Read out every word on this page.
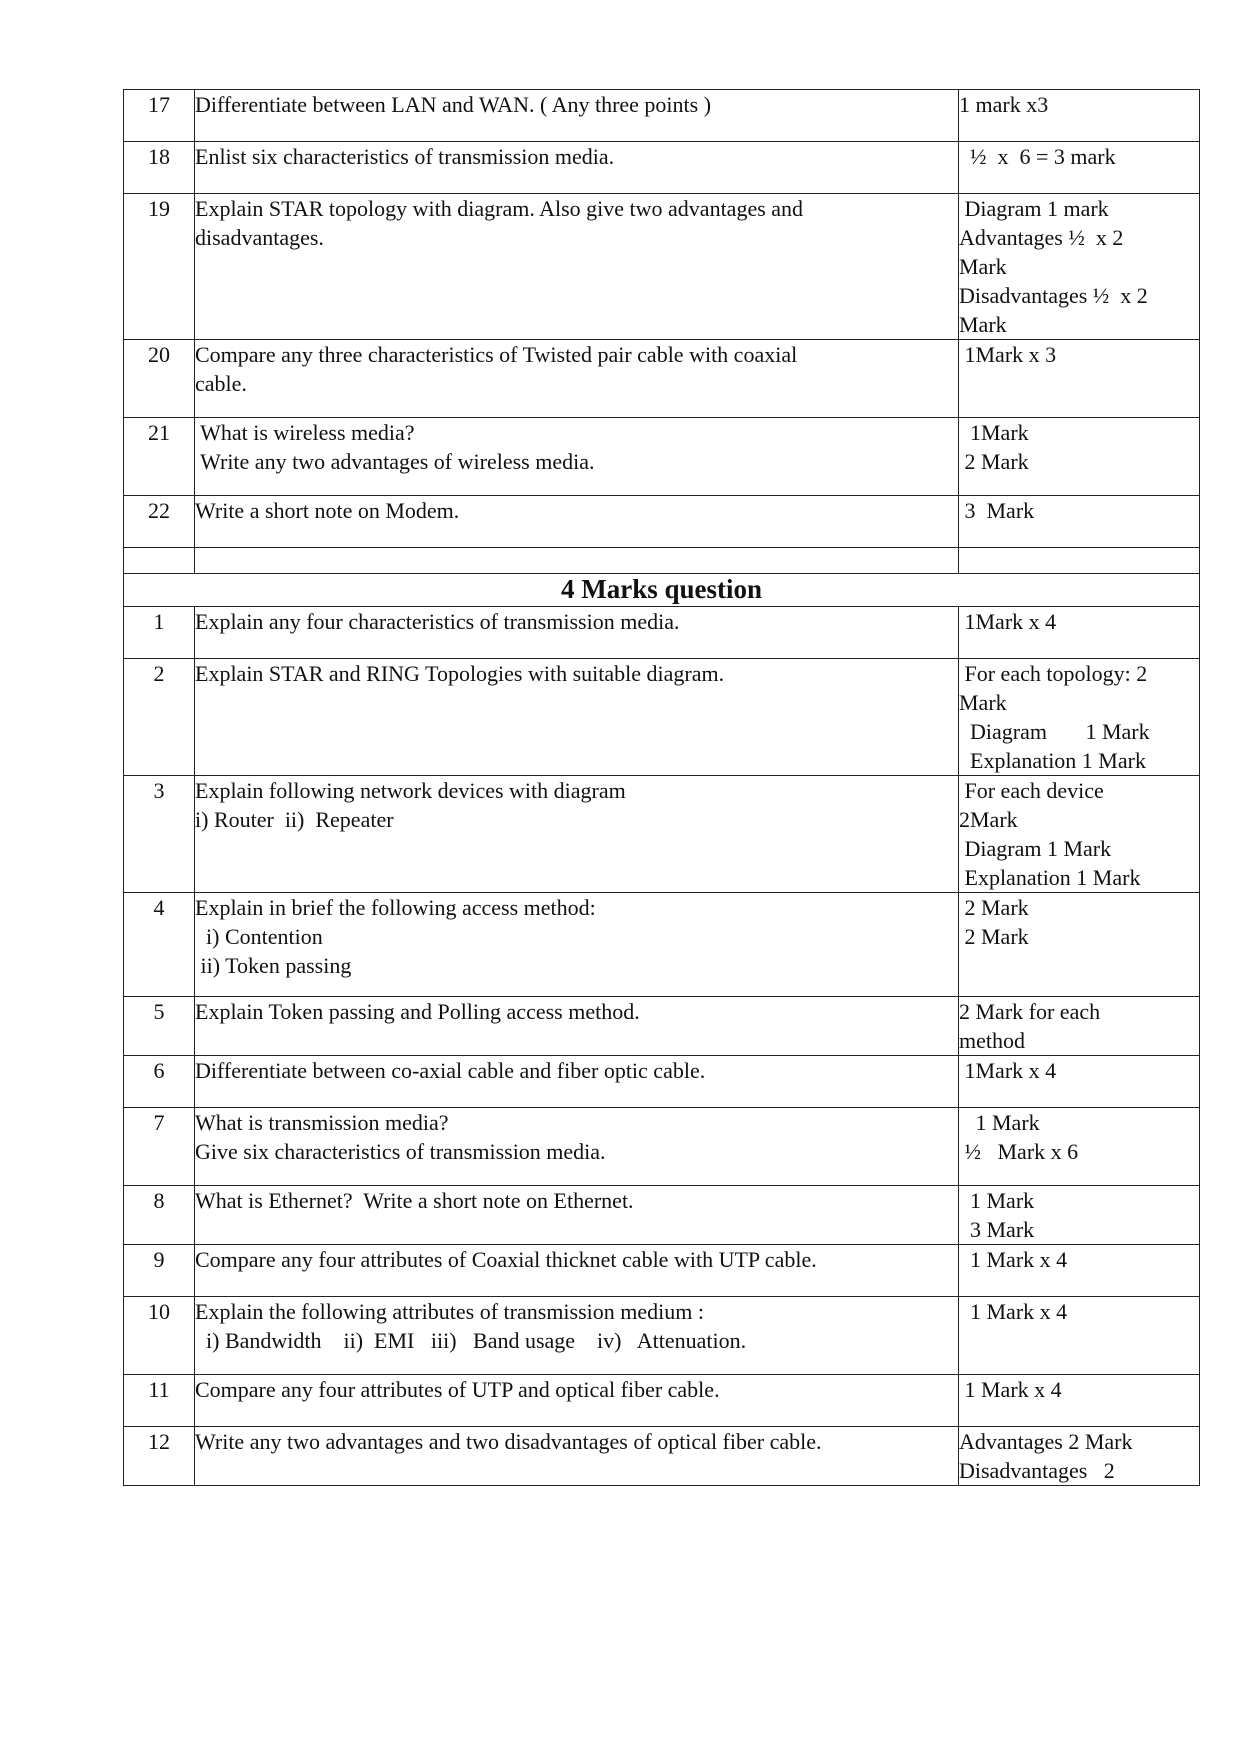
17	Differentiate between LAN and WAN. ( Any three points )	1 mark x3

18	Enlist six characteristics of transmission media.	½  x  6 = 3 mark

19	Explain STAR topology with diagram. Also give two advantages and
disadvantages.	Diagram 1 mark
Advantages ½  x 2
Mark
Disadvantages ½  x 2
Mark

20	Compare any three characteristics of Twisted pair cable with coaxial
cable.	1Mark x 3

21	What is wireless media?
Write any two advantages of wireless media.	1Mark
2 Mark

22	Write a short note on Modem.	3  Mark

4 Marks question		
1	Explain any four characteristics of transmission media.	1Mark x 4

2	Explain STAR and RING Topologies with suitable diagram.	For each topology: 2
Mark
Diagram       1 Mark
Explanation 1 Mark

3	Explain following network devices with diagram
i) Router  ii)  Repeater	For each device
2Mark
Diagram 1 Mark
Explanation 1 Mark

4	Explain in brief the following access method:
i) Contention
ii) Token passing	2 Mark
2 Mark

5	Explain Token passing and Polling access method.	2 Mark for each
method

6	Differentiate between co-axial cable and fiber optic cable.	1Mark x 4

7	What is transmission media?
Give six characteristics of transmission media.	1 Mark
½   Mark x 6

8	What is Ethernet?  Write a short note on Ethernet.	1 Mark
3 Mark

9	Compare any four attributes of Coaxial thicknet cable with UTP cable.	1 Mark x 4

10	Explain the following attributes of transmission medium :
i) Bandwidth    ii)  EMI   iii)   Band usage    iv)   Attenuation.	1 Mark x 4

11	Compare any four attributes of UTP and optical fiber cable.	1 Mark x 4

12	Write any two advantages and two disadvantages of optical fiber cable.	Advantages 2 Mark
Disadvantages   2
